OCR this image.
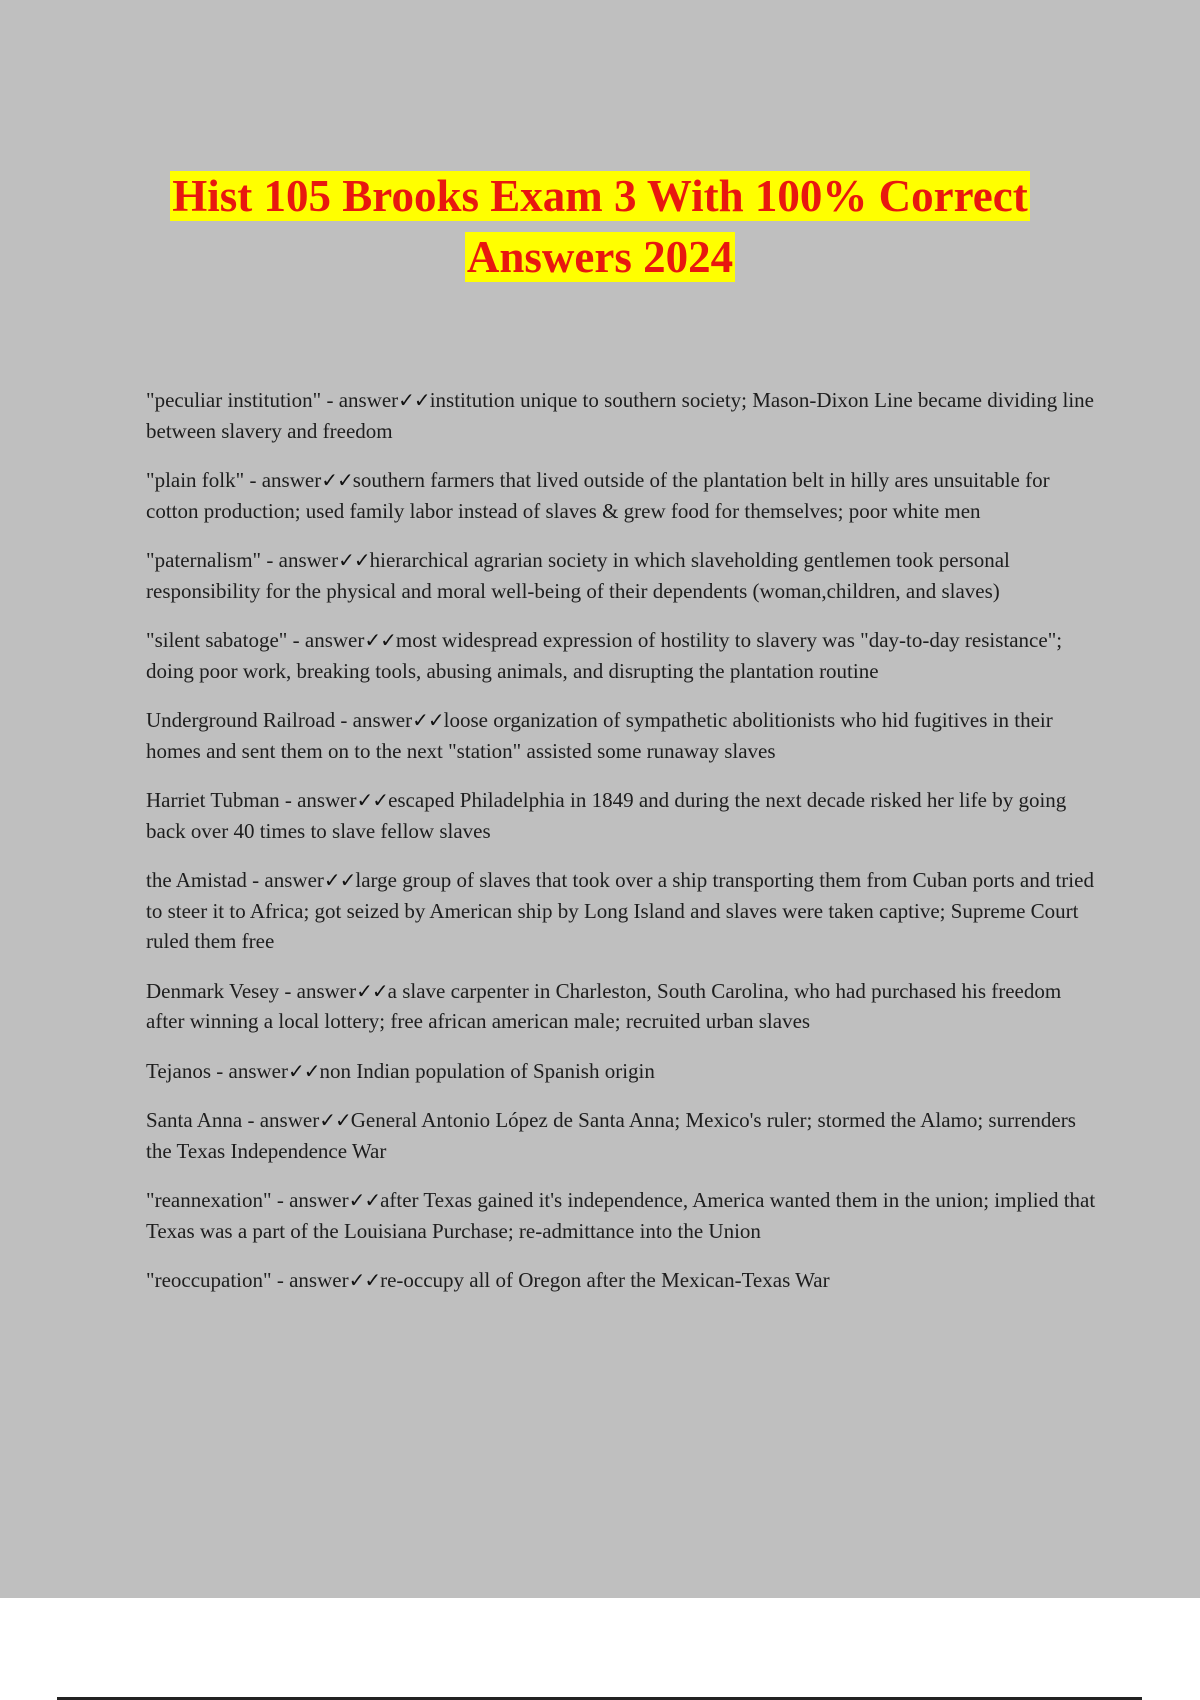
Hist 105 Brooks Exam 3 With 100% Correct
Answers 2024

"peculiar institution" - answer✓✓institution unique to southern society; Mason-Dixon Line became dividing line between slavery and freedom

"plain folk" - answer✓✓southern farmers that lived outside of the plantation belt in hilly ares unsuitable for cotton production; used family labor instead of slaves & grew food for themselves; poor white men

"paternalism" - answer✓✓hierarchical agrarian society in which slaveholding gentlemen took personal responsibility for the physical and moral well-being of their dependents (woman,children, and slaves)

"silent sabatoge" - answer✓✓most widespread expression of hostility to slavery was "day-to-day resistance"; doing poor work, breaking tools, abusing animals, and disrupting the plantation routine

Underground Railroad - answer✓✓loose organization of sympathetic abolitionists who hid fugitives in their homes and sent them on to the next "station" assisted some runaway slaves

Harriet Tubman - answer✓✓escaped Philadelphia in 1849 and during the next decade risked her life by going back over 40 times to slave fellow slaves

the Amistad - answer✓✓large group of slaves that took over a ship transporting them from Cuban ports and tried to steer it to Africa; got seized by American ship by Long Island and slaves were taken captive; Supreme Court ruled them free

Denmark Vesey - answer✓✓a slave carpenter in Charleston, South Carolina, who had purchased his freedom after winning a local lottery; free african american male; recruited urban slaves

Tejanos - answer✓✓non Indian population of Spanish origin

Santa Anna - answer✓✓General Antonio López de Santa Anna; Mexico's ruler; stormed the Alamo; surrenders the Texas Independence War

"reannexation" - answer✓✓after Texas gained it's independence, America wanted them in the union; implied that Texas was a part of the Louisiana Purchase; re-admittance into the Union

"reoccupation" - answer✓✓re-occupy all of Oregon after the Mexican-Texas War
